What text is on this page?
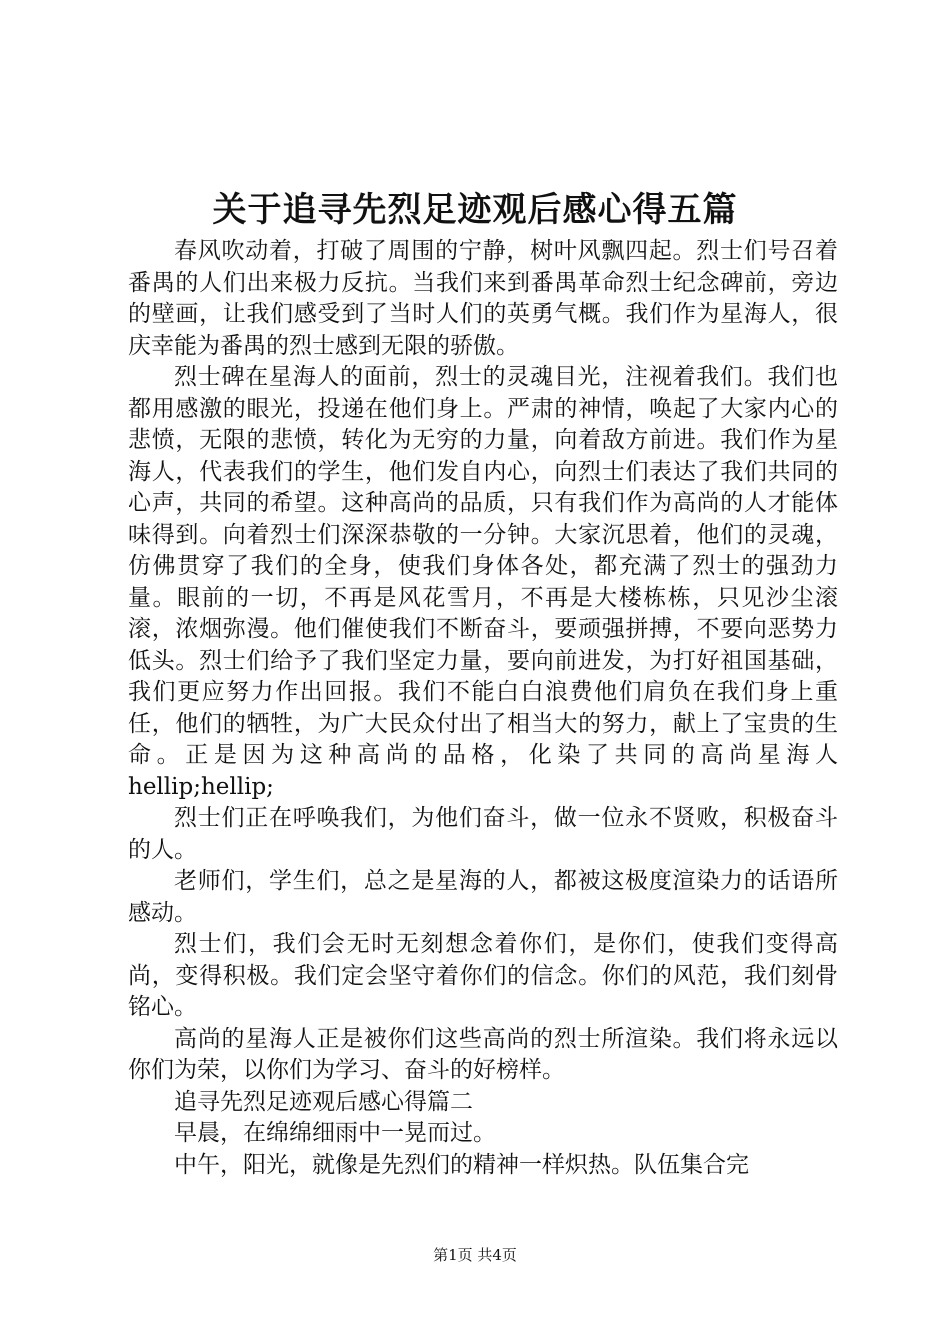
关于追寻先烈足迹观后感心得五篇

春风吹动着，打破了周围的宁静，树叶风飘四起。烈士们号召着番禺的人们出来极力反抗。当我们来到番禺革命烈士纪念碑前，旁边的壁画，让我们感受到了当时人们的英勇气概。我们作为星海人，很庆幸能为番禺的烈士感到无限的骄傲。

烈士碑在星海人的面前，烈士的灵魂目光，注视着我们。我们也都用感激的眼光，投递在他们身上。严肃的神情，唤起了大家内心的悲愤，无限的悲愤，转化为无穷的力量，向着敌方前进。我们作为星海人，代表我们的学生，他们发自内心，向烈士们表达了我们共同的心声，共同的希望。这种高尚的品质，只有我们作为高尚的人才能体味得到。向着烈士们深深恭敬的一分钟。大家沉思着，他们的灵魂，仿佛贯穿了我们的全身，使我们身体各处，都充满了烈士的强劲力量。眼前的一切，不再是风花雪月，不再是大楼栋栋，只见沙尘滚滚，浓烟弥漫。他们催使我们不断奋斗，要顽强拼搏，不要向恶势力低头。烈士们给予了我们坚定力量，要向前进发，为打好祖国基础，我们更应努力作出回报。我们不能白白浪费他们肩负在我们身上重任，他们的牺牲，为广大民众付出了相当大的努力，献上了宝贵的生命。正是因为这种高尚的品格，化染了共同的高尚星海人hellip;hellip;

烈士们正在呼唤我们，为他们奋斗，做一位永不贤败，积极奋斗的人。

老师们，学生们，总之是星海的人，都被这极度渲染力的话语所感动。

烈士们，我们会无时无刻想念着你们，是你们，使我们变得高尚，变得积极。我们定会坚守着你们的信念。你们的风范，我们刻骨铭心。

高尚的星海人正是被你们这些高尚的烈士所渲染。我们将永远以你们为荣，以你们为学习、奋斗的好榜样。

追寻先烈足迹观后感心得篇二

早晨，在绵绵细雨中一晃而过。

中午，阳光，就像是先烈们的精神一样炽热。队伍集合完

第1页 共4页
